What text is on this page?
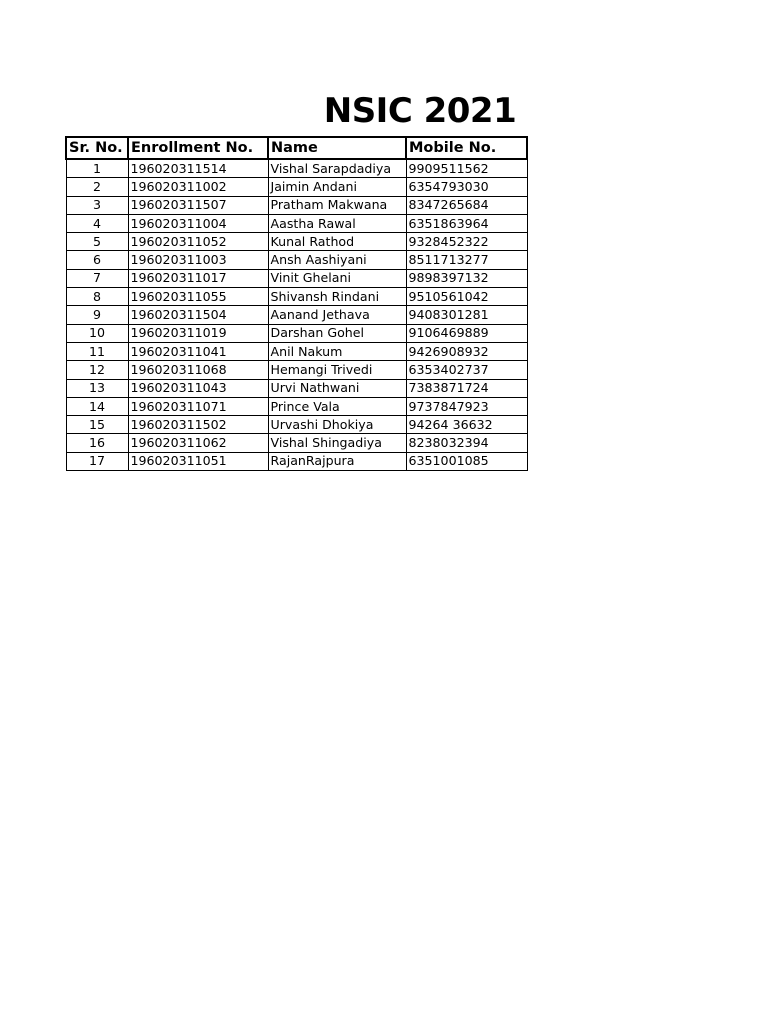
NSIC 2021
Sr. No.	Enrollment No.	Name	Mobile No.
1	196020311514	Vishal Sarapdadiya	9909511562
2	196020311002	Jaimin Andani	6354793030
3	196020311507	Pratham Makwana	8347265684
4	196020311004	Aastha Rawal	6351863964
5	196020311052	Kunal Rathod	9328452322
6	196020311003	Ansh Aashiyani	8511713277
7	196020311017	Vinit Ghelani	9898397132
8	196020311055	Shivansh Rindani	9510561042
9	196020311504	Aanand Jethava	9408301281
10	196020311019	Darshan Gohel	9106469889
11	196020311041	Anil Nakum	9426908932
12	196020311068	Hemangi Trivedi	6353402737
13	196020311043	Urvi Nathwani	7383871724
14	196020311071	Prince Vala	9737847923
15	196020311502	Urvashi Dhokiya	94264 36632
16	196020311062	Vishal Shingadiya	8238032394
17	196020311051	RajanRajpura	6351001085
